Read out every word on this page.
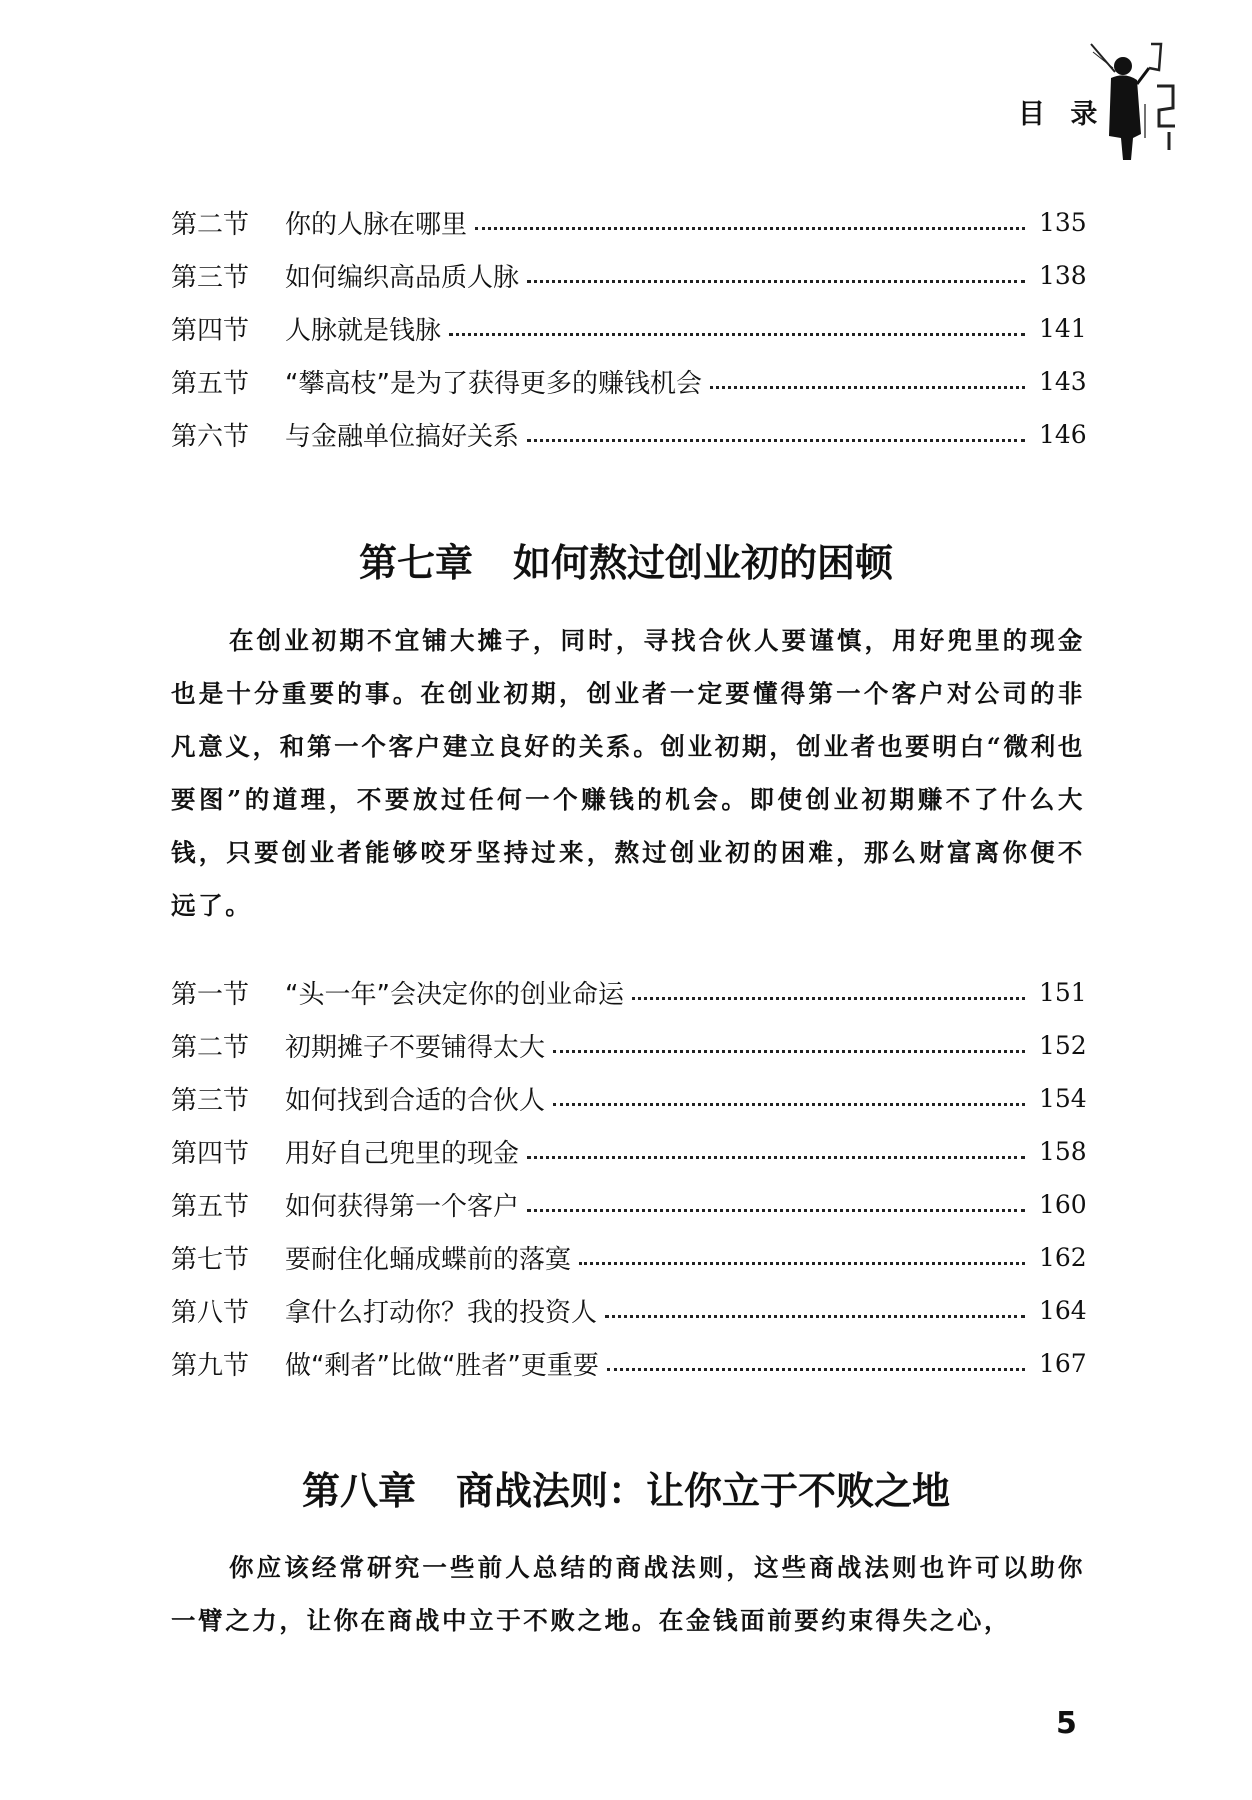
目 录
第二节	你的人脉在哪里	135
第三节	如何编织高品质人脉	138
第四节	人脉就是钱脉	141
第五节	“攀高枝”是为了获得更多的赚钱机会	143
第六节	与金融单位搞好关系	146
第七章 如何熬过创业初的困顿

在创业初期不宜铺大摊子，同时，寻找合伙人要谨慎，用好兜里的现金也是十分重要的事。在创业初期，创业者一定要懂得第一个客户对公司的非凡意义，和第一个客户建立良好的关系。创业初期，创业者也要明白“微利也要图”的道理，不要放过任何一个赚钱的机会。即使创业初期赚不了什么大钱，只要创业者能够咬牙坚持过来，熬过创业初的困难，那么财富离你便不远了。

第一节	“头一年”会决定你的创业命运	151
第二节	初期摊子不要铺得太大	152
第三节	如何找到合适的合伙人	154
第四节	用好自己兜里的现金	158
第五节	如何获得第一个客户	160
第七节	要耐住化蛹成蝶前的落寞	162
第八节	拿什么打动你？我的投资人	164
第九节	做“剩者”比做“胜者”更重要	167
第八章 商战法则：让你立于不败之地

你应该经常研究一些前人总结的商战法则，这些商战法则也许可以助你一臂之力，让你在商战中立于不败之地。在金钱面前要约束得失之心，

5
